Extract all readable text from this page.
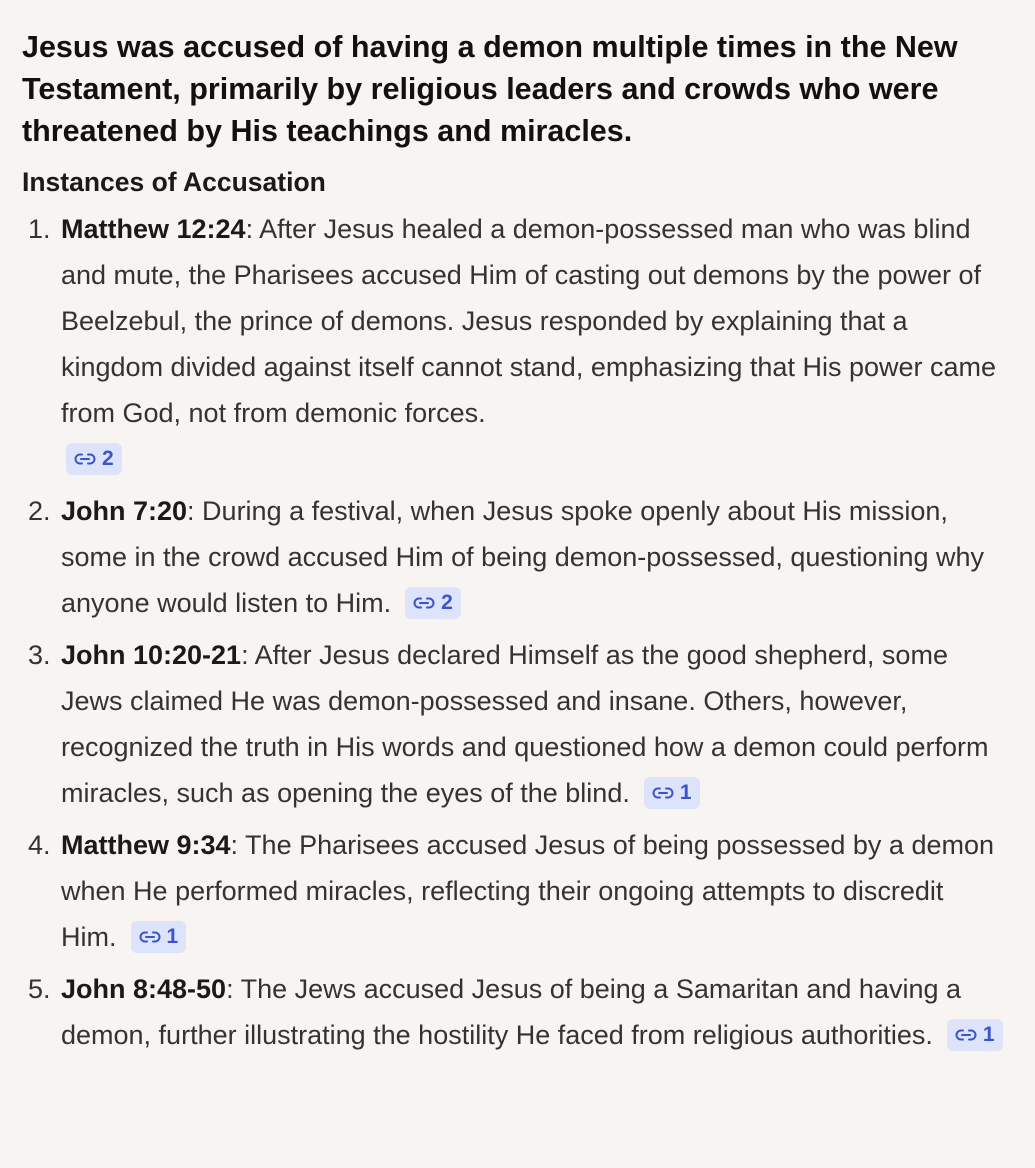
Jesus was accused of having a demon multiple times in the New Testament, primarily by religious leaders and crowds who were threatened by His teachings and miracles.

Instances of Accusation
1. Matthew 12:24: After Jesus healed a demon-possessed man who was blind and mute, the Pharisees accused Him of casting out demons by the power of Beelzebul, the prince of demons. Jesus responded by explaining that a kingdom divided against itself cannot stand, emphasizing that His power came from God, not from demonic forces.

2
2. John 7:20: During a festival, when Jesus spoke openly about His mission, some in the crowd accused Him of being demon-possessed, questioning why anyone would listen to Him. 2
3. John 10:20-21: After Jesus declared Himself as the good shepherd, some Jews claimed He was demon-possessed and insane. Others, however, recognized the truth in His words and questioned how a demon could perform miracles, such as opening the eyes of the blind. 1
4. Matthew 9:34: The Pharisees accused Jesus of being possessed by a demon when He performed miracles, reflecting their ongoing attempts to discredit Him. 1
5. John 8:48-50: The Jews accused Jesus of being a Samaritan and having a demon, further illustrating the hostility He faced from religious authorities. 1
